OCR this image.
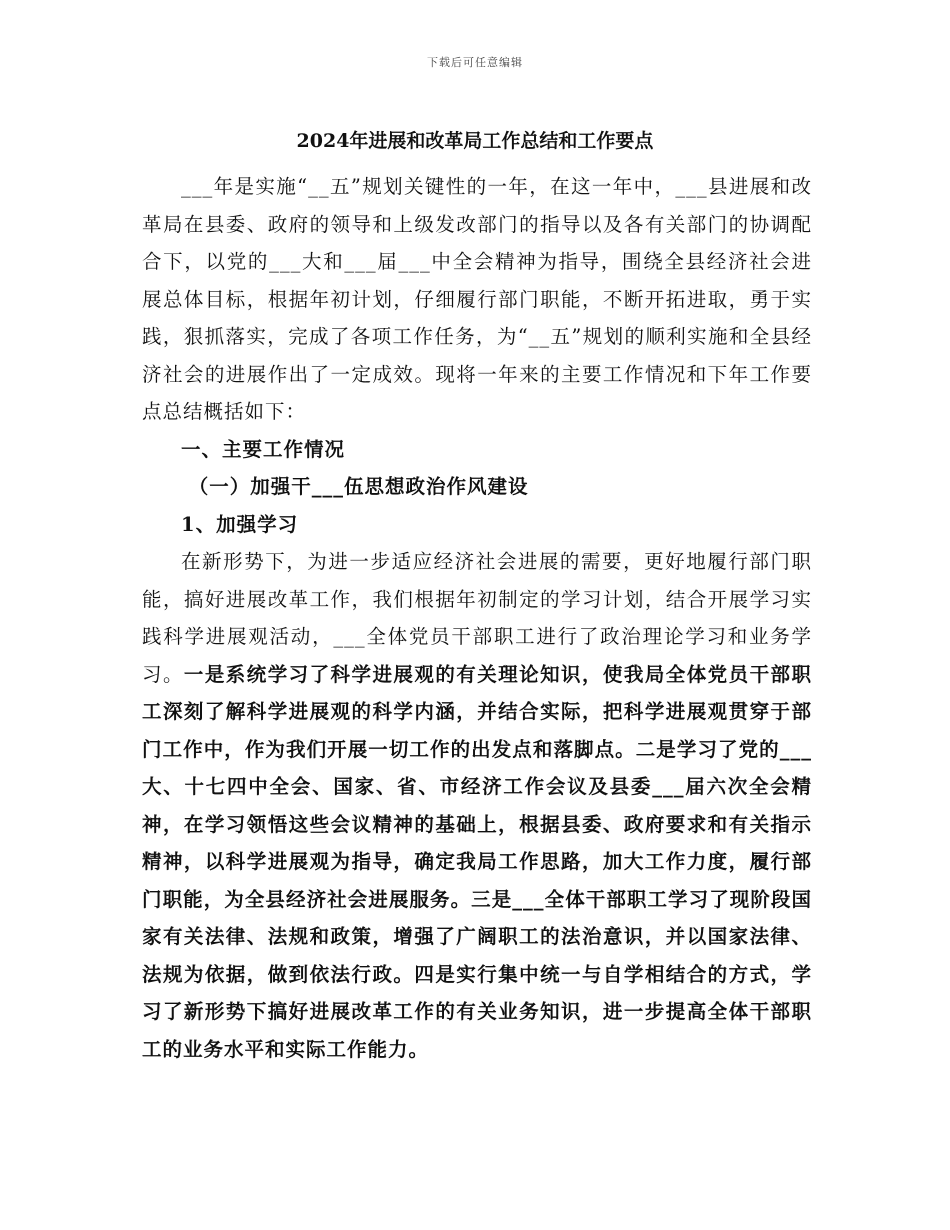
下载后可任意编辑
2024年进展和改革局工作总结和工作要点

___年是实施“__五”规划关键性的一年，在这一年中，___县进展和改革局在县委、政府的领导和上级发改部门的指导以及各有关部门的协调配合下，以党的___大和___届___中全会精神为指导，围绕全县经济社会进展总体目标，根据年初计划，仔细履行部门职能，不断开拓进取，勇于实践，狠抓落实，完成了各项工作任务，为“__五”规划的顺利实施和全县经济社会的进展作出了一定成效。现将一年来的主要工作情况和下年工作要点总结概括如下：

一、主要工作情况

（一）加强干___伍思想政治作风建设

1、加强学习

在新形势下，为进一步适应经济社会进展的需要，更好地履行部门职能，搞好进展改革工作，我们根据年初制定的学习计划，结合开展学习实践科学进展观活动，___全体党员干部职工进行了政治理论学习和业务学习。一是系统学习了科学进展观的有关理论知识，使我局全体党员干部职工深刻了解科学进展观的科学内涵，并结合实际，把科学进展观贯穿于部门工作中，作为我们开展一切工作的出发点和落脚点。二是学习了党的___大、十七四中全会、国家、省、市经济工作会议及县委___届六次全会精神，在学习领悟这些会议精神的基础上，根据县委、政府要求和有关指示精神，以科学进展观为指导，确定我局工作思路，加大工作力度，履行部门职能，为全县经济社会进展服务。三是___全体干部职工学习了现阶段国家有关法律、法规和政策，增强了广阔职工的法治意识，并以国家法律、法规为依据，做到依法行政。四是实行集中统一与自学相结合的方式，学习了新形势下搞好进展改革工作的有关业务知识，进一步提高全体干部职工的业务水平和实际工作能力。
